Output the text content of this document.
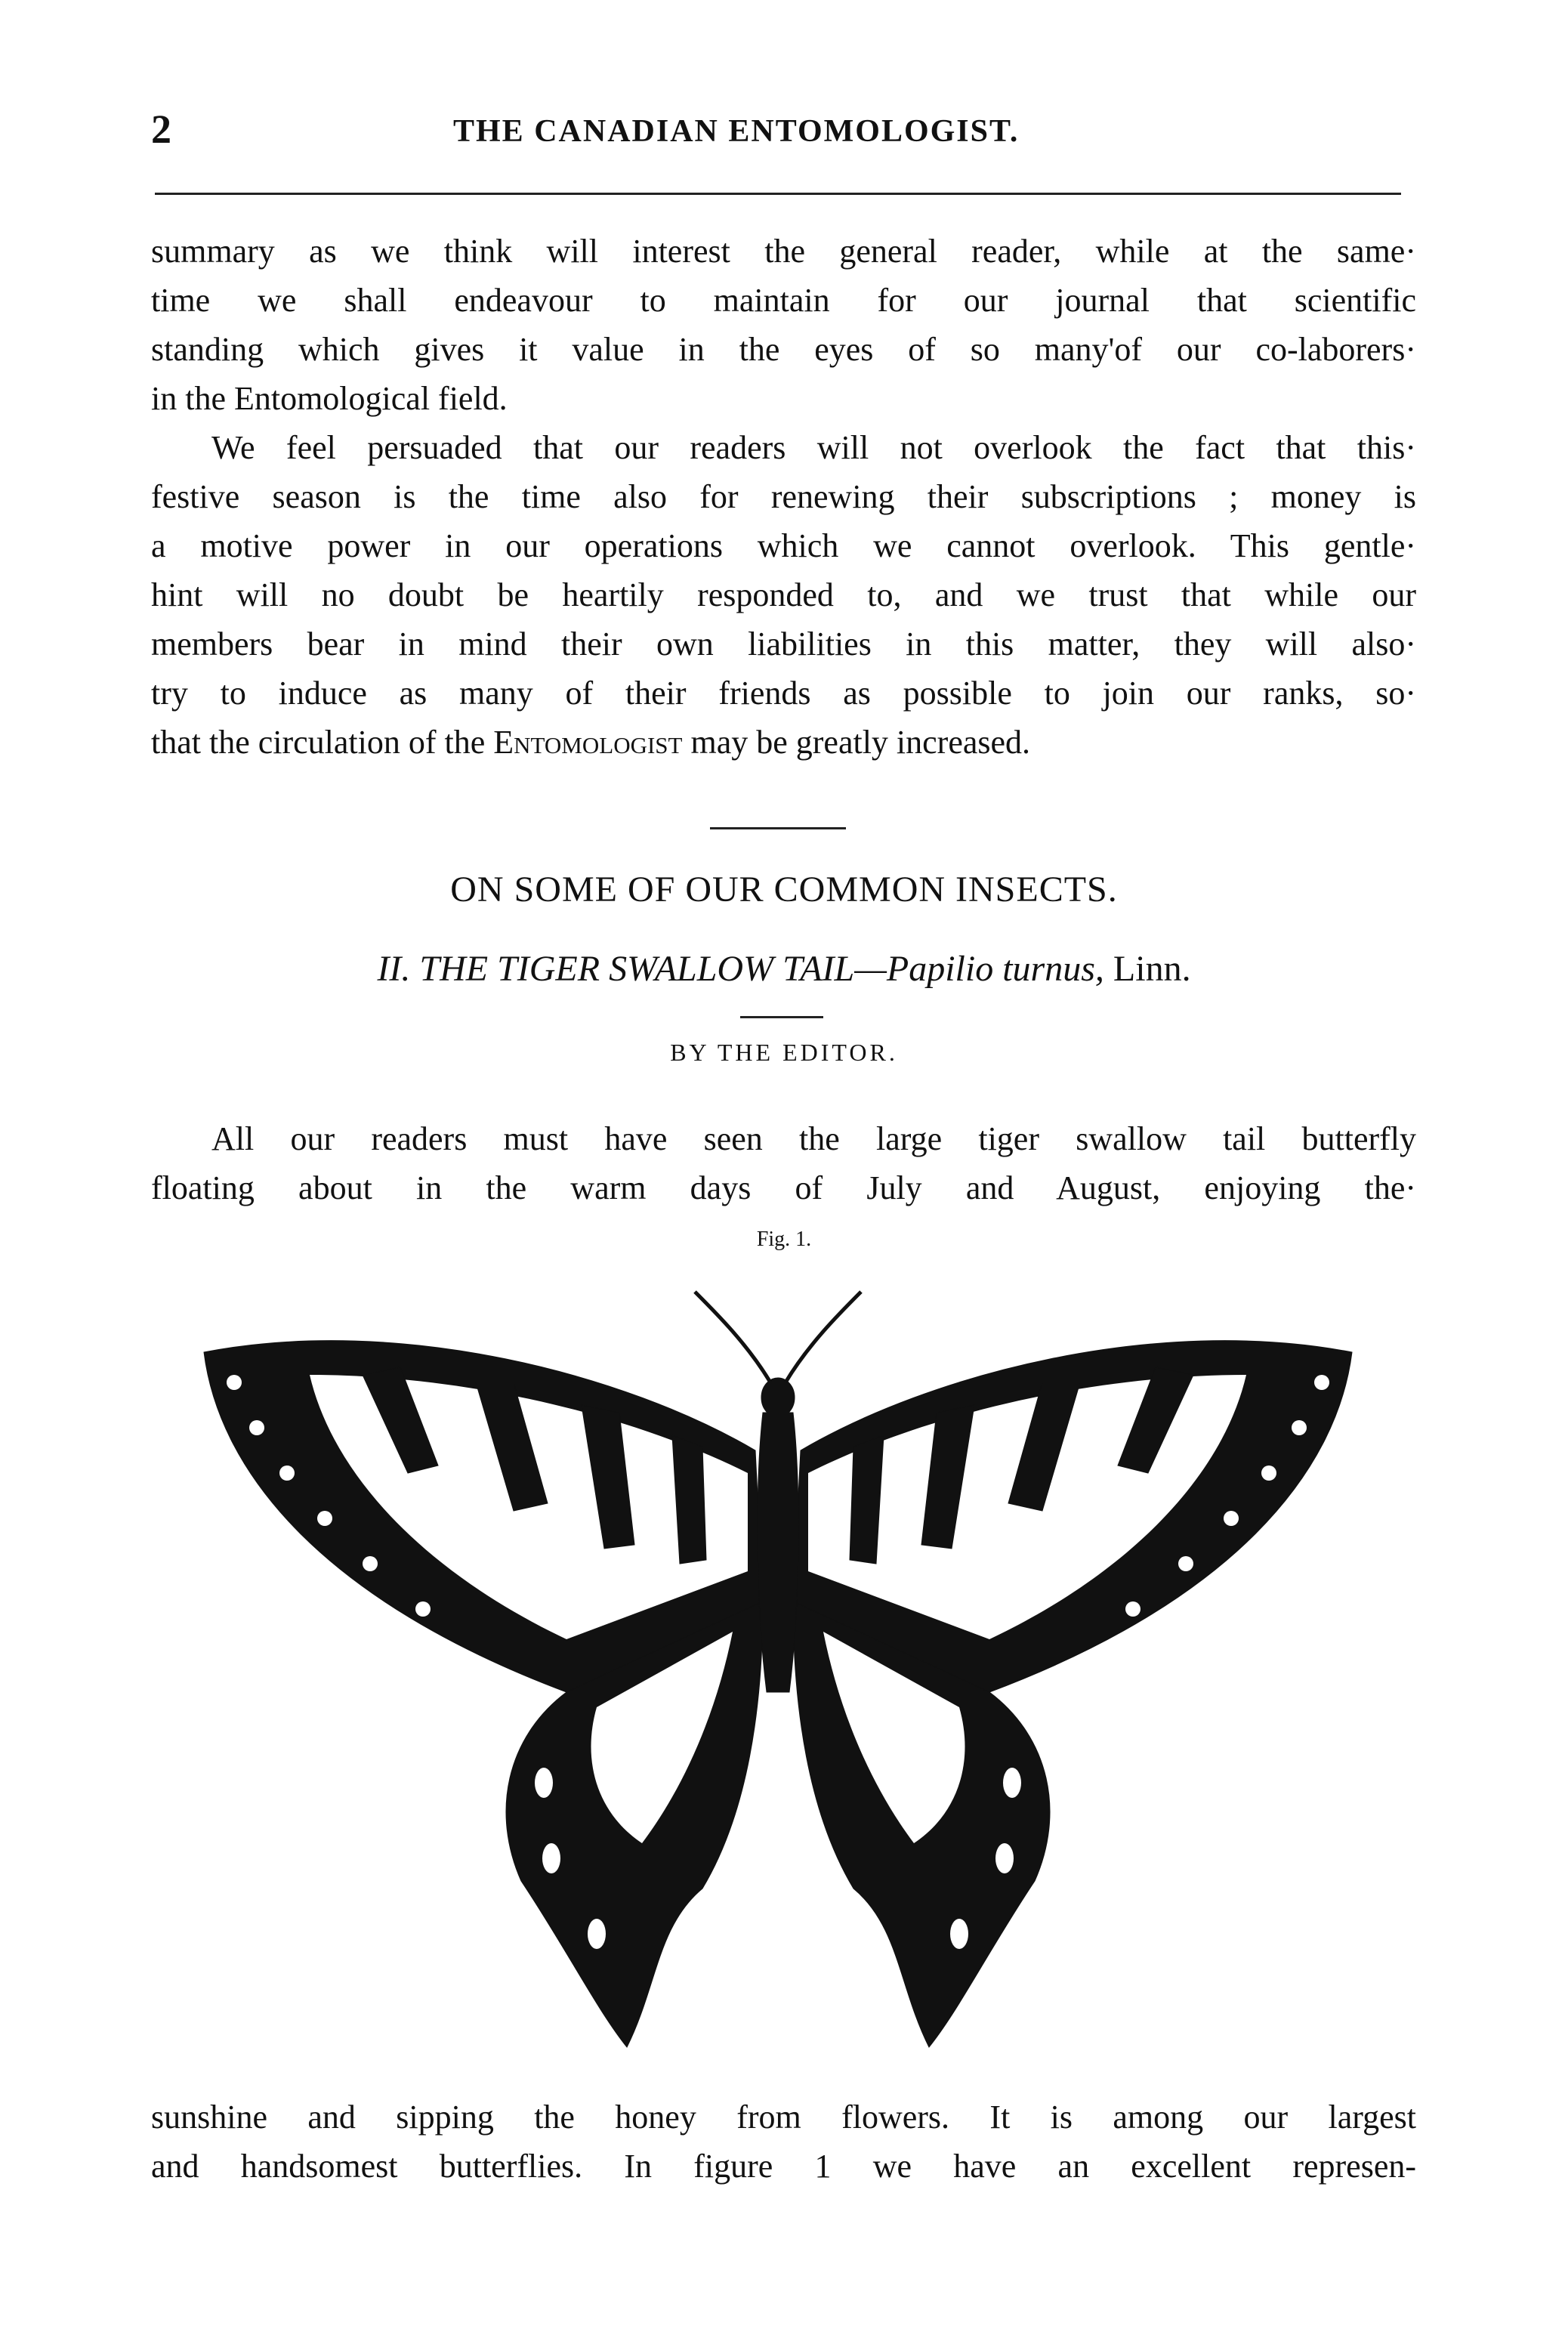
2	THE CANADIAN ENTOMOLOGIST.
summary as we think will interest the general reader, while at the same·
time we shall endeavour to maintain for our journal that scientific
standing which gives it value in the eyes of so many'of our co-laborers·
in the Entomological field.
We feel persuaded that our readers will not overlook the fact that this·
festive season is the time also for renewing their subscriptions ; money is
a motive power in our operations which we cannot overlook. This gentle·
hint will no doubt be heartily responded to, and we trust that while our
members bear in mind their own liabilities in this matter, they will also·
try to induce as many of their friends as possible to join our ranks, so·
that the circulation of the Entomologist may be greatly increased.
ON SOME OF OUR COMMON INSECTS.
II. THE TIGER SWALLOW TAIL—Papilio turnus, Linn.
BY THE EDITOR.
All our readers must have seen the large tiger swallow tail butterfly
floating about in the warm days of July and August, enjoying the·
Fig. 1.
sunshine and sipping the honey from flowers. It is among our largest
and handsomest butterflies. In figure 1 we have an excellent represen-
